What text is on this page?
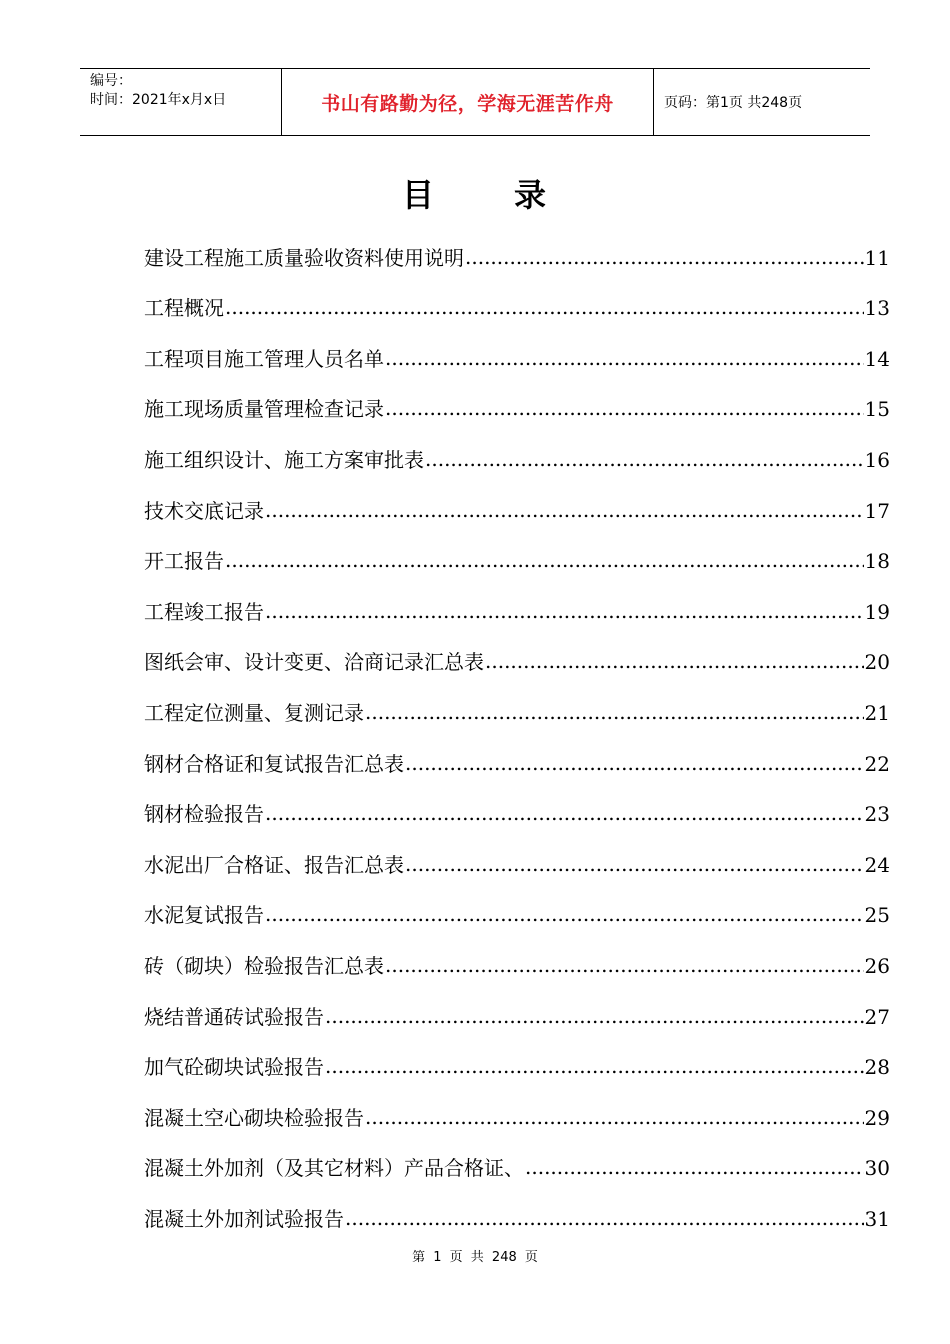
编号：
时间：2021年x月x日	书山有路勤为径，学海无涯苦作舟	页码：第1页 共248页
目 录
建设工程施工质量验收资料使用说明 .....	11
工程概况 .....	13
工程项目施工管理人员名单 .....	14
施工现场质量管理检查记录 .....	15
施工组织设计、施工方案审批表 .....	16
技术交底记录 .....	17
开工报告 .....	18
工程竣工报告 .....	19
图纸会审、设计变更、洽商记录汇总表 .....	20
工程定位测量、复测记录 .....	21
钢材合格证和复试报告汇总表 .....	22
钢材检验报告 .....	23
水泥出厂合格证、报告汇总表 .....	24
水泥复试报告 .....	25
砖（砌块）检验报告汇总表 .....	26
烧结普通砖试验报告 .....	27
加气砼砌块试验报告 .....	28
混凝土空心砌块检验报告 .....	29
混凝土外加剂（及其它材料）产品合格证、 .....	30
混凝土外加剂试验报告 .....	31
第 1 页 共 248 页
